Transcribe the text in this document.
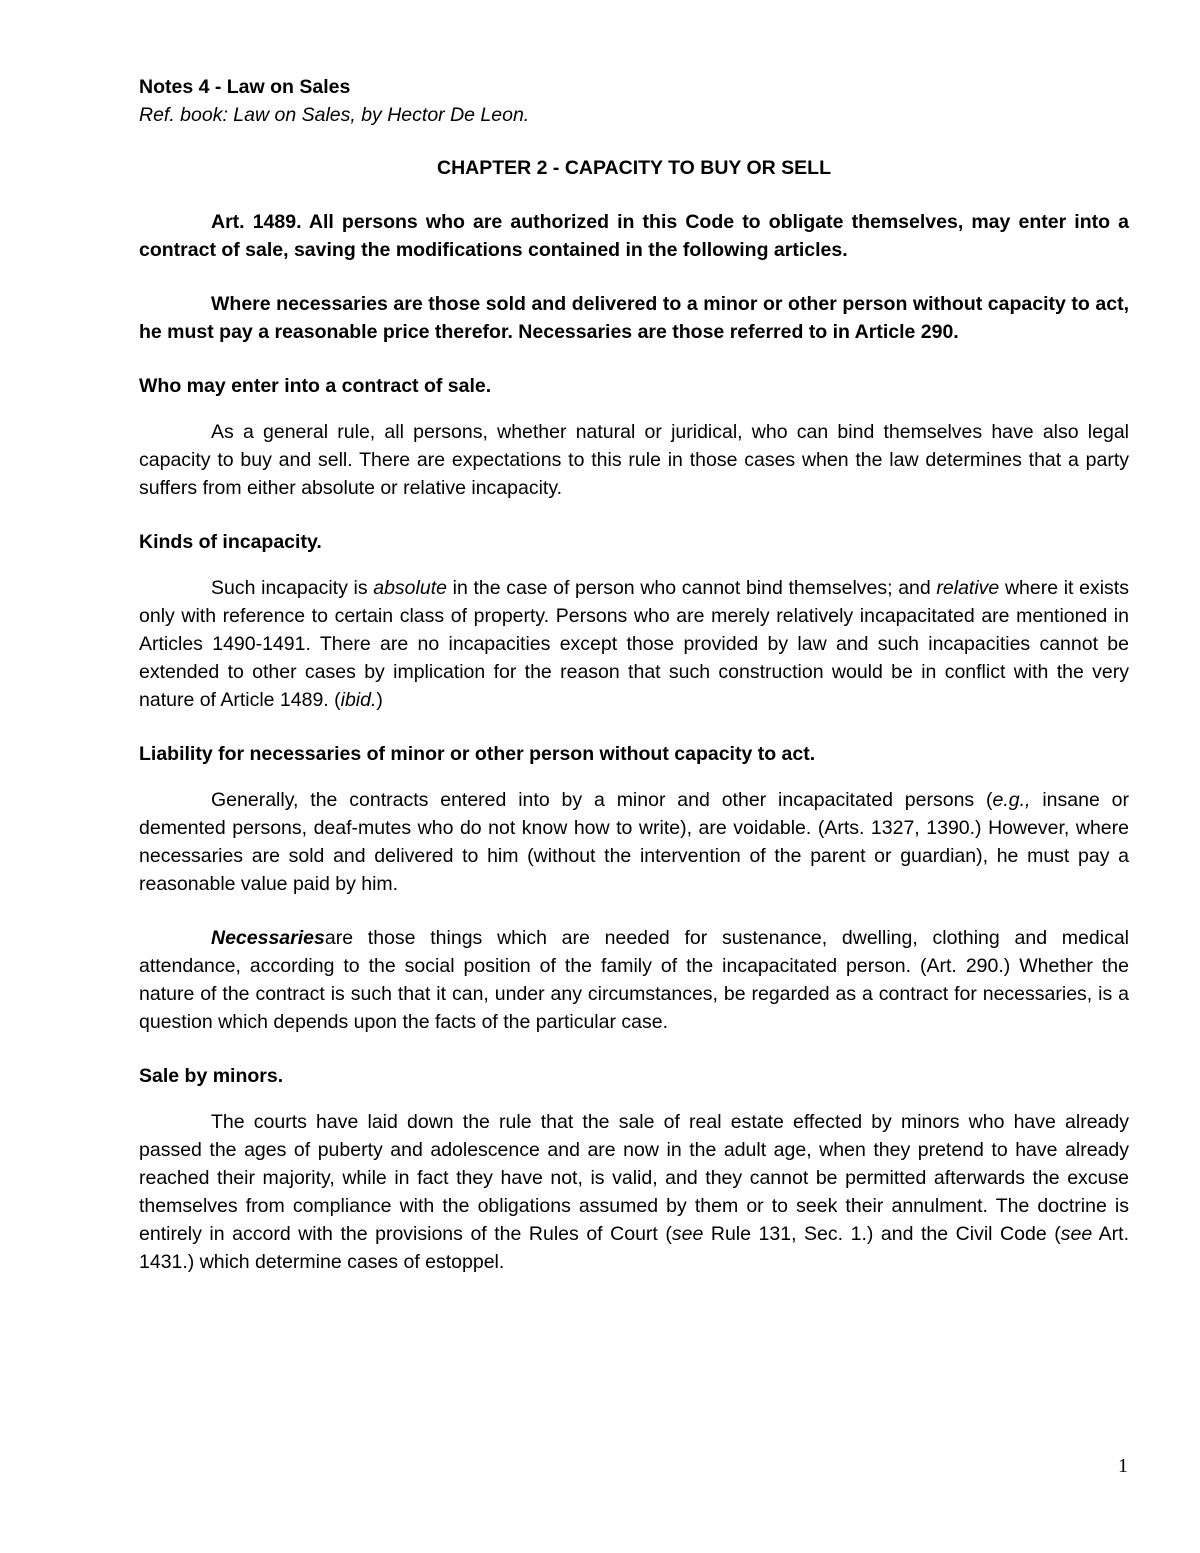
Notes 4 - Law on Sales

Ref. book: Law on Sales, by Hector De Leon.

CHAPTER 2 - CAPACITY TO BUY OR SELL

Art. 1489. All persons who are authorized in this Code to obligate themselves, may enter into a contract of sale, saving the modifications contained in the following articles.

Where necessaries are those sold and delivered to a minor or other person without capacity to act, he must pay a reasonable price therefor. Necessaries are those referred to in Article 290.

Who may enter into a contract of sale.

As a general rule, all persons, whether natural or juridical, who can bind themselves have also legal capacity to buy and sell. There are expectations to this rule in those cases when the law determines that a party suffers from either absolute or relative incapacity.

Kinds of incapacity.

Such incapacity is absolute in the case of person who cannot bind themselves; and relative where it exists only with reference to certain class of property. Persons who are merely relatively incapacitated are mentioned in Articles 1490-1491. There are no incapacities except those provided by law and such incapacities cannot be extended to other cases by implication for the reason that such construction would be in conflict with the very nature of Article 1489. (ibid.)

Liability for necessaries of minor or other person without capacity to act.

Generally, the contracts entered into by a minor and other incapacitated persons (e.g., insane or demented persons, deaf-mutes who do not know how to write), are voidable. (Arts. 1327, 1390.) However, where necessaries are sold and delivered to him (without the intervention of the parent or guardian), he must pay a reasonable value paid by him.

Necessariesare those things which are needed for sustenance, dwelling, clothing and medical attendance, according to the social position of the family of the incapacitated person. (Art. 290.) Whether the nature of the contract is such that it can, under any circumstances, be regarded as a contract for necessaries, is a question which depends upon the facts of the particular case.

Sale by minors.

The courts have laid down the rule that the sale of real estate effected by minors who have already passed the ages of puberty and adolescence and are now in the adult age, when they pretend to have already reached their majority, while in fact they have not, is valid, and they cannot be permitted afterwards the excuse themselves from compliance with the obligations assumed by them or to seek their annulment. The doctrine is entirely in accord with the provisions of the Rules of Court (see Rule 131, Sec. 1.) and the Civil Code (see Art. 1431.) which determine cases of estoppel.

1
